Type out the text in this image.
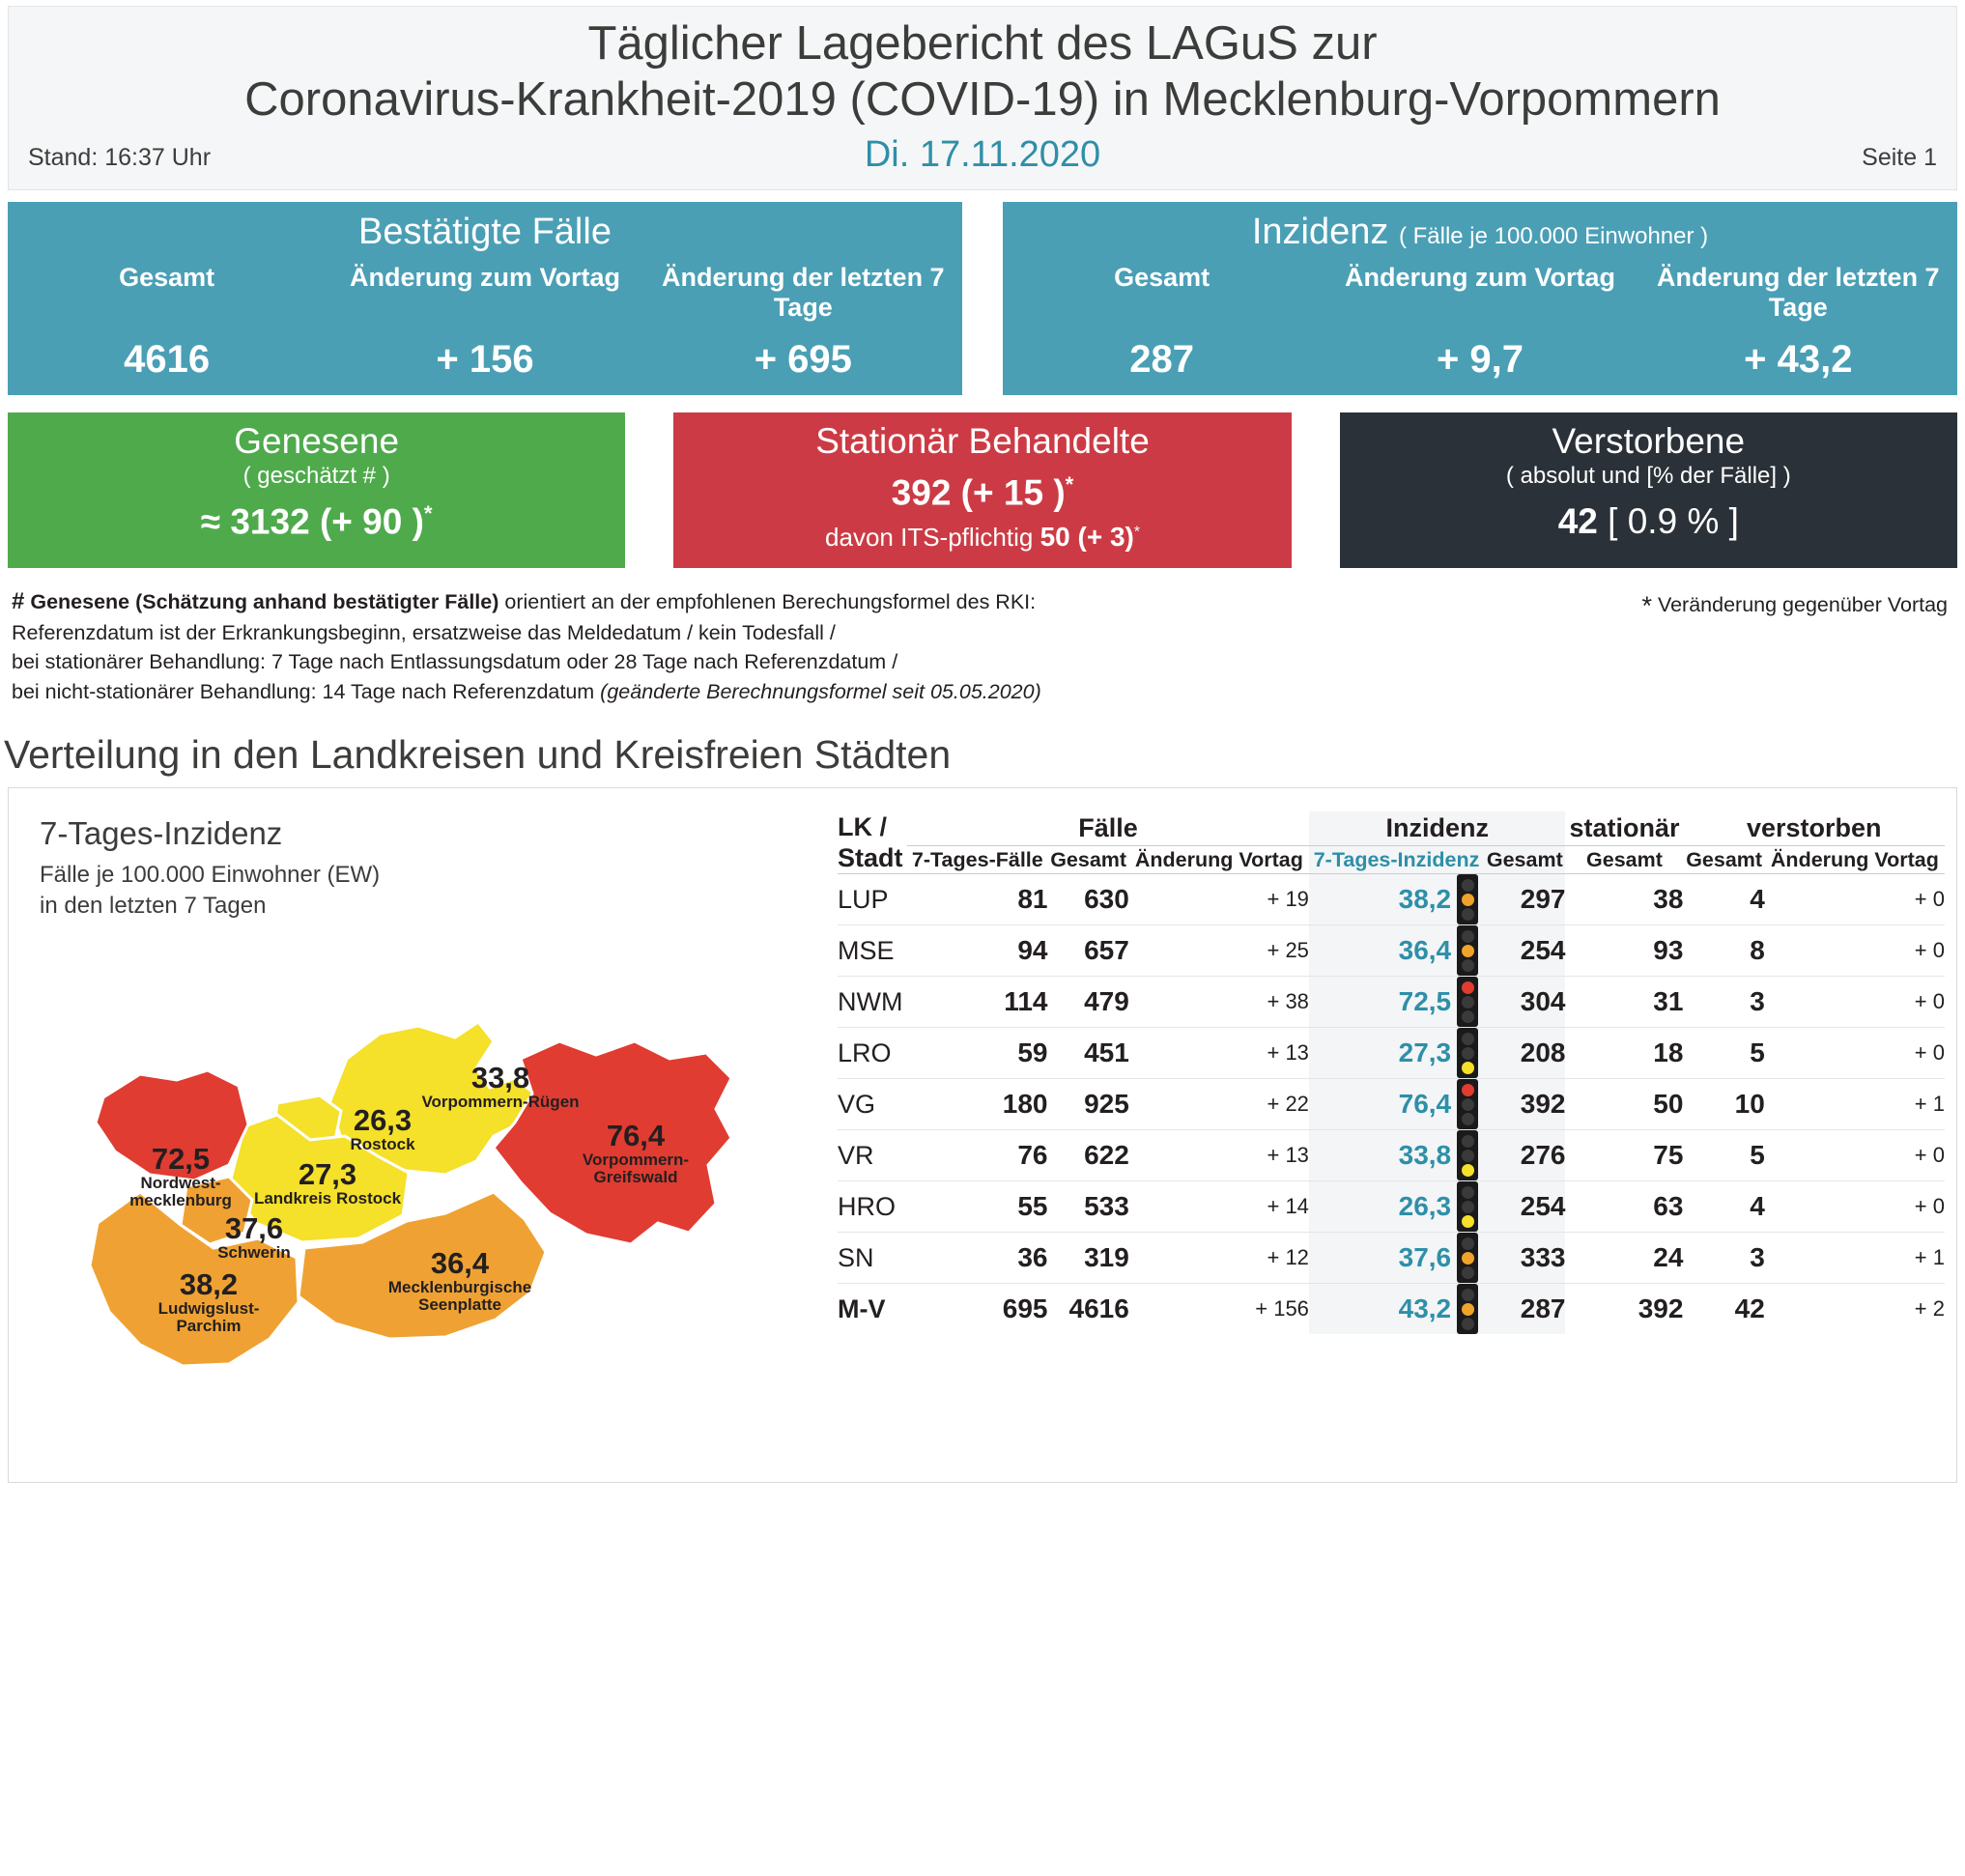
Täglicher Lagebericht des LAGuS zur
Coronavirus-Krankheit-2019 (COVID-19) in Mecklenburg-Vorpommern
Di. 17.11.2020
Stand: 16:37 Uhr	Seite 1
Bestätigte Fälle
Gesamt
4616
Änderung zum Vortag
+ 156
Änderung der letzten 7 Tage
+ 695
Inzidenz ( Fälle je 100.000 Einwohner )
Gesamt
287
Änderung zum Vortag
+ 9,7
Änderung der letzten 7 Tage
+ 43,2
Genesene
( geschätzt # )
≈ 3132 (+ 90 )*
Stationär Behandelte
392 (+ 15 )*
davon ITS-pflichtig 50 (+ 3)*
Verstorbene
( absolut und [% der Fälle] )
42 [ 0.9 % ]
# Genesene (Schätzung anhand bestätigter Fälle) orientiert an der empfohlenen Berechungsformel des RKI:
Referenzdatum ist der Erkrankungsbeginn, ersatzweise das Meldedatum / kein Todesfall /
bei stationärer Behandlung: 7 Tage nach Entlassungsdatum oder 28 Tage nach Referenzdatum /
bei nicht-stationärer Behandlung: 14 Tage nach Referenzdatum (geänderte Berechnungsformel seit 05.05.2020)
* Veränderung gegenüber Vortag
Verteilung in den Landkreisen und Kreisfreien Städten
7-Tages-Inzidenz
Fälle je 100.000 Einwohner (EW)
in den letzten 7 Tagen
33,8
Vorpommern-Rügen
26,3
Rostock	76,4
Vorpommern-Greifswald
72,5
Nordwest-mecklenburg
27,3
Landkreis Rostock
37,6
Schwerin	36,4
Mecklenburgische Seenplatte
38,2
Ludwigslust-Parchim
LK /
Stadt	Fälle			Inzidenz			stationär	verstorben	
	7-Tages-Fälle	Gesamt	Änderung Vortag	7-Tages-Inzidenz		Gesamt	Gesamt	Gesamt	Änderung Vortag
LUP	81	630	+ 19	38,2		297	38	4	+ 0
MSE	94	657	+ 25	36,4		254	93	8	+ 0
NWM	114	479	+ 38	72,5		304	31	3	+ 0
LRO	59	451	+ 13	27,3		208	18	5	+ 0
VG	180	925	+ 22	76,4		392	50	10	+ 1
VR	76	622	+ 13	33,8		276	75	5	+ 0
HRO	55	533	+ 14	26,3		254	63	4	+ 0
SN	36	319	+ 12	37,6		333	24	3	+ 1
M-V	695	4616	+ 156	43,2		287	392	42	+ 2
